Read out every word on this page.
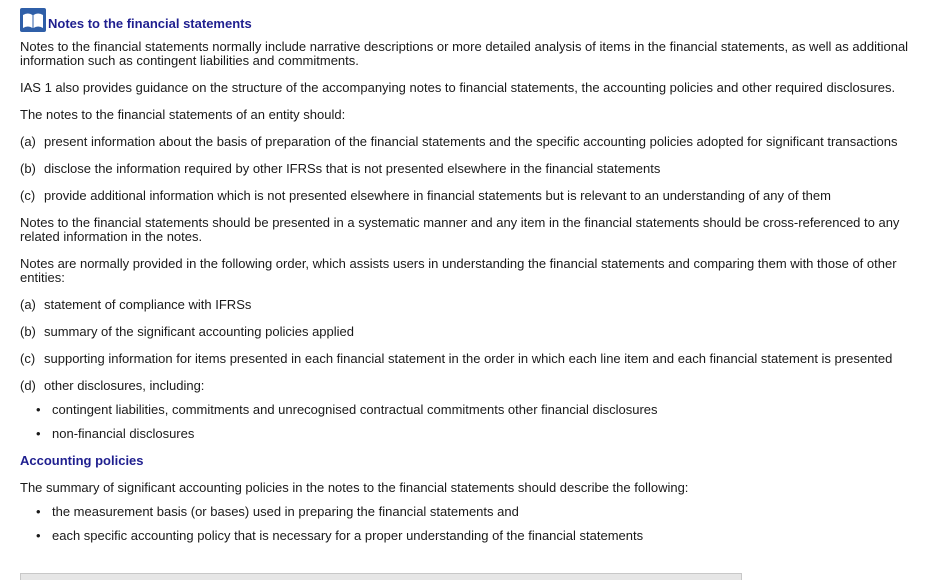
Notes to the financial statements

Notes to the financial statements normally include narrative descriptions or more detailed analysis of items in the financial statements, as well as additional information such as contingent liabilities and commitments.

IAS 1 also provides guidance on the structure of the accompanying notes to financial statements, the accounting policies and other required disclosures.

The notes to the financial statements of an entity should:

(a) present information about the basis of preparation of the financial statements and the specific accounting policies adopted for significant transactions
(b) disclose the information required by other IFRSs that is not presented elsewhere in the financial statements
(c) provide additional information which is not presented elsewhere in financial statements but is relevant to an understanding of any of them

Notes to the financial statements should be presented in a systematic manner and any item in the financial statements should be cross-referenced to any related information in the notes.

Notes are normally provided in the following order, which assists users in understanding the financial statements and comparing them with those of other entities:

(a) statement of compliance with IFRSs
(b) summary of the significant accounting policies applied
(c) supporting information for items presented in each financial statement in the order in which each line item and each financial statement is presented
(d) other disclosures, including:
• contingent liabilities, commitments and unrecognised contractual commitments other financial disclosures
• non-financial disclosures
Accounting policies

The summary of significant accounting policies in the notes to the financial statements should describe the following:

• the measurement basis (or bases) used in preparing the financial statements and
• each specific accounting policy that is necessary for a proper understanding of the financial statements
